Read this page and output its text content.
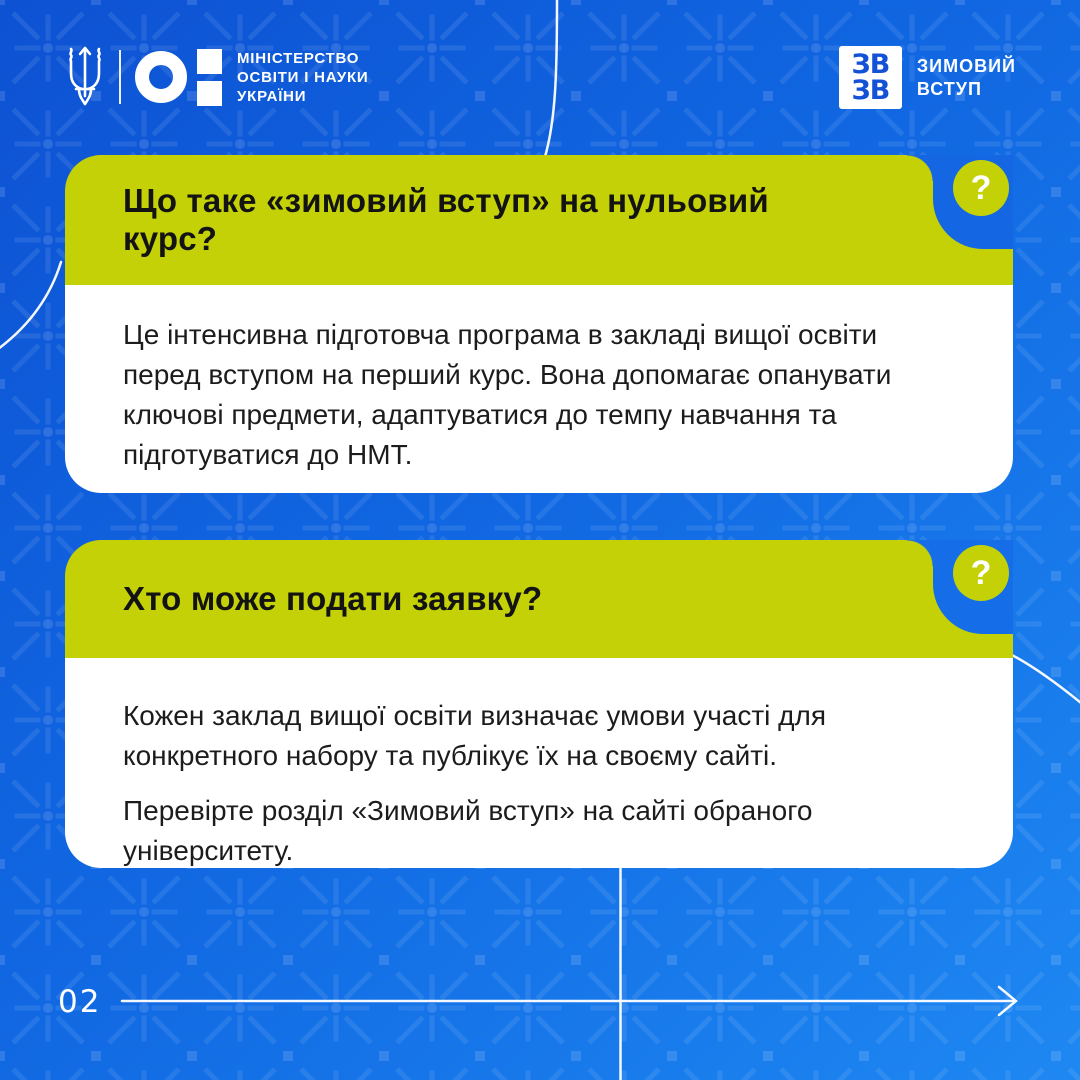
МІНІСТЕРСТВО
ОСВІТИ І НАУКИ
УКРАЇНИ
ЗВ
ЗВ
ЗИМОВИЙ
ВСТУП
Що таке «зимовий вступ» на нульовий курс?
?

Це інтенсивна підготовча програма в закладі вищої освіти перед вступом на перший курс. Вона допомагає опанувати ключові предмети, адаптуватися до темпу навчання та підготуватися до НМТ.

Хто може подати заявку?
?

Кожен заклад вищої освіти визначає умови участі для конкретного набору та публікує їх на своєму сайті.

Перевірте розділ «Зимовий вступ» на сайті обраного університету.

02
